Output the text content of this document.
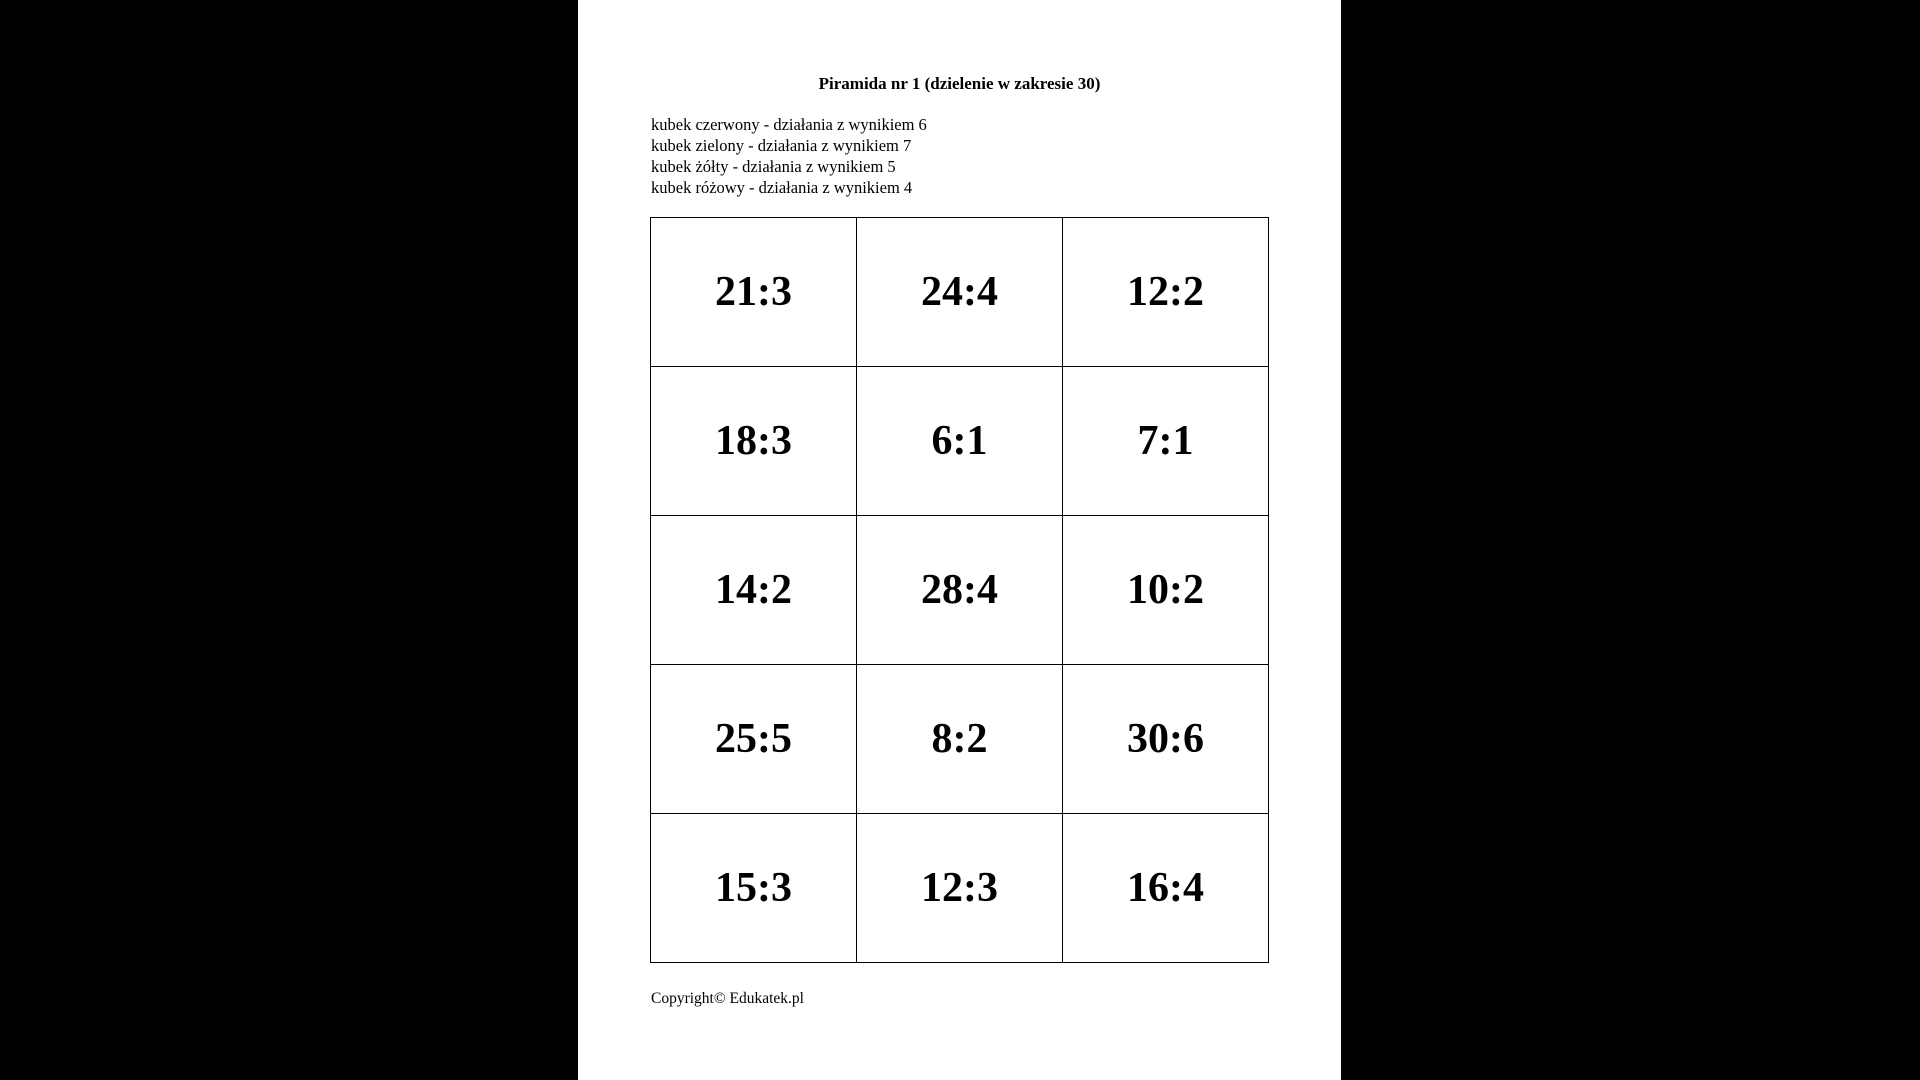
Piramida nr 1 (dzielenie w zakresie 30)
kubek czerwony - działania z wynikiem 6
kubek zielony - działania z wynikiem 7
kubek żółty - działania z wynikiem 5
kubek różowy - działania z wynikiem 4
21:3	24:4	12:2
18:3	6:1	7:1
14:2	28:4	10:2
25:5	8:2	30:6
15:3	12:3	16:4
Copyright© Edukatek.pl
